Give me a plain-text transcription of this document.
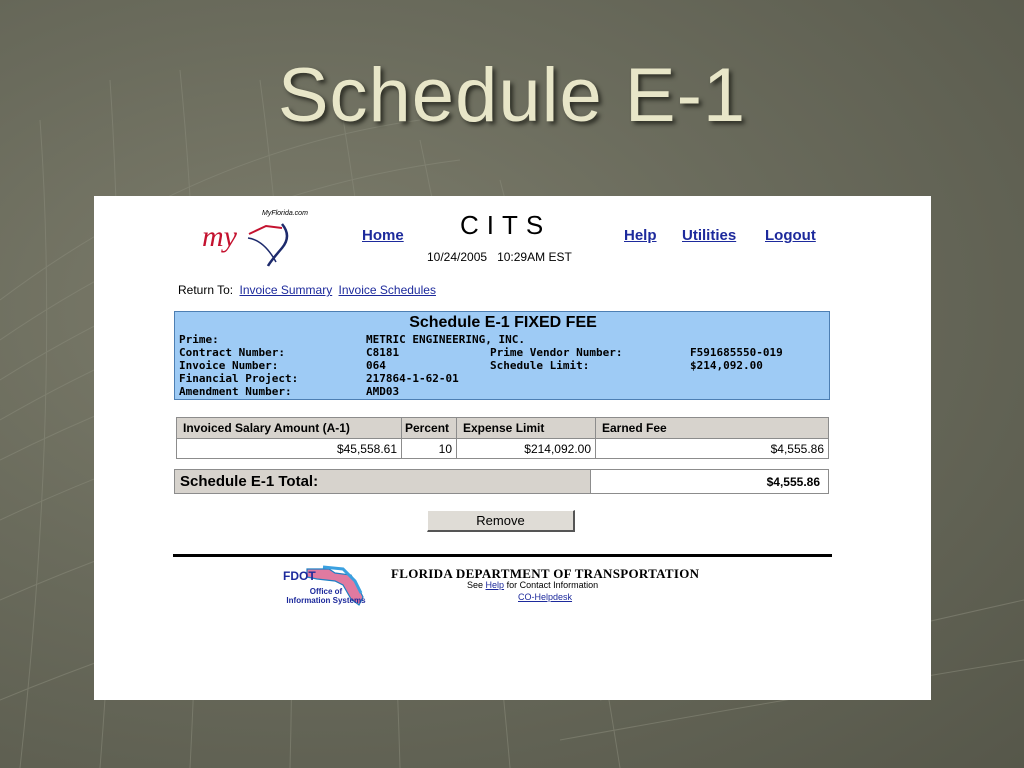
Schedule E-1
MyFlorida.com
my	Home CITS
10/24/2005 10:29AM EST
Help Utilities Logout
Return To: Invoice Summary Invoice Schedules
Schedule E-1 FIXED FEE
Prime:	METRIC ENGINEERING, INC.
Contract Number:	C8181	Prime Vendor Number:	F591685550-019
Invoice Number:	064	Schedule Limit:	$214,092.00
Financial Project:	217864-1-62-01
Amendment Number:	AMD03
Invoiced Salary Amount (A-1)	Percent	Expense Limit	Earned Fee
$45,558.61	10	$214,092.00	$4,555.86
Schedule E-1 Total:	$4,555.86
Remove
FDOT
Office of
Information Systems
FLORIDA DEPARTMENT OF TRANSPORTATION
See Help for Contact Information
CO-Helpdesk
